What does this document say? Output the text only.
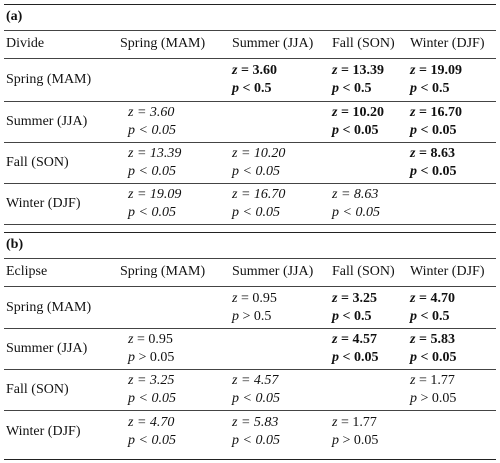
(a)
Divide	Spring (MAM) Summer (JJA) Fall (SON) Winter (DJF)
Spring (MAM)
z = 3.60
p < 0.5
z = 13.39
p < 0.5
z = 19.09
p < 0.5
Summer (JJA)
z = 3.60
p < 0.05
z = 10.20
p < 0.05
z = 16.70
p < 0.05
Fall (SON)
z = 13.39
p < 0.05
z = 10.20
p < 0.05
z = 8.63
p < 0.05
Winter (DJF)
z = 19.09
p < 0.05
z = 16.70
p < 0.05
z = 8.63
p < 0.05
(b)
Eclipse	Spring (MAM) Summer (JJA) Fall (SON) Winter (DJF)
Spring (MAM)
z = 0.95
p > 0.5
z = 3.25
p < 0.5
z = 4.70
p < 0.5
Summer (JJA)
z = 0.95
p > 0.05
z = 4.57
p < 0.05
z = 5.83
p < 0.05
Fall (SON)
z = 3.25
p < 0.05
z = 4.57
p < 0.05
z = 1.77
p > 0.05
Winter (DJF)
z = 4.70
p < 0.05
z = 5.83
p < 0.05
z = 1.77
p > 0.05
